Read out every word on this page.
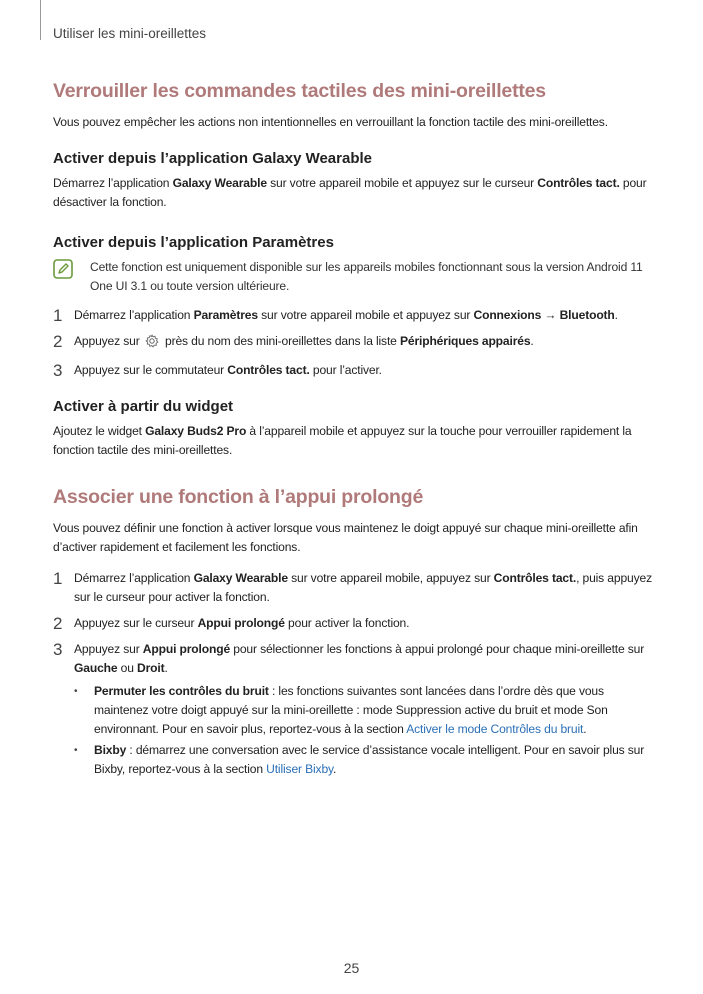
Utiliser les mini-oreillettes
Verrouiller les commandes tactiles des mini-oreillettes

Vous pouvez empêcher les actions non intentionnelles en verrouillant la fonction tactile des mini-oreillettes.

Activer depuis l’application Galaxy Wearable

Démarrez l’application Galaxy Wearable sur votre appareil mobile et appuyez sur le curseur Contrôles tact. pour désactiver la fonction.

Activer depuis l’application Paramètres

Cette fonction est uniquement disponible sur les appareils mobiles fonctionnant sous la version Android 11 One UI 3.1 ou toute version ultérieure.

1 Démarrez l’application Paramètres sur votre appareil mobile et appuyez sur Connexions → Bluetooth.
2 Appuyez sur  près du nom des mini-oreillettes dans la liste Périphériques appairés.
3 Appuyez sur le commutateur Contrôles tact. pour l’activer.
Activer à partir du widget

Ajoutez le widget Galaxy Buds2 Pro à l’appareil mobile et appuyez sur la touche pour verrouiller rapidement la fonction tactile des mini-oreillettes.

Associer une fonction à l’appui prolongé

Vous pouvez définir une fonction à activer lorsque vous maintenez le doigt appuyé sur chaque mini-oreillette afin d’activer rapidement et facilement les fonctions.

1 Démarrez l’application Galaxy Wearable sur votre appareil mobile, appuyez sur Contrôles tact., puis appuyez sur le curseur pour activer la fonction.
2 Appuyez sur le curseur Appui prolongé pour activer la fonction.
3 Appuyez sur Appui prolongé pour sélectionner les fonctions à appui prolongé pour chaque mini-oreillette sur Gauche ou Droit.
•	Permuter les contrôles du bruit : les fonctions suivantes sont lancées dans l’ordre dès que vous maintenez votre doigt appuyé sur la mini-oreillette : mode Suppression active du bruit et mode Son environnant. Pour en savoir plus, reportez-vous à la section Activer le mode Contrôles du bruit.
•	Bixby : démarrez une conversation avec le service d’assistance vocale intelligent. Pour en savoir plus sur Bixby, reportez-vous à la section Utiliser Bixby.
25
